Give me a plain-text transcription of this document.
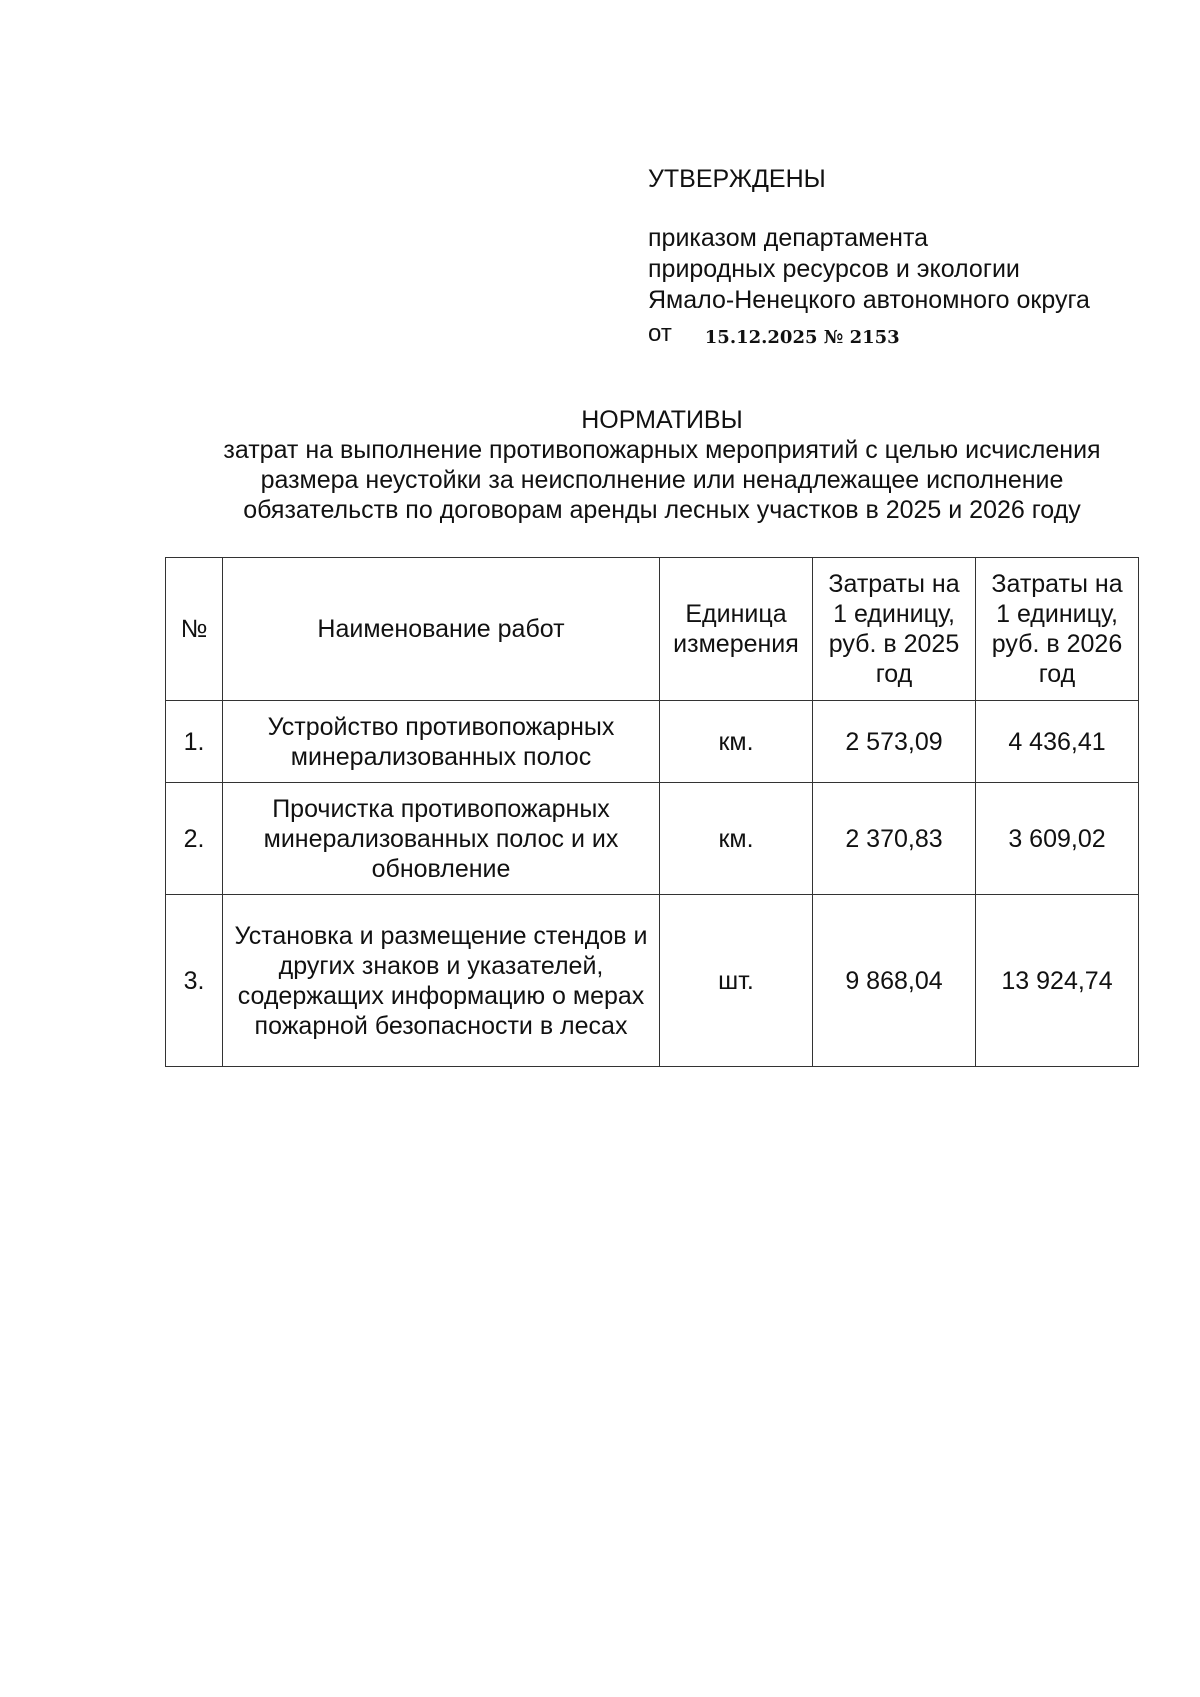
УТВЕРЖДЕНЫ
приказом департамента
природных ресурсов и экологии
Ямало-Ненецкого автономного округа
от 15.12.2025 № 2153
НОРМАТИВЫ
затрат на выполнение противопожарных мероприятий с целью исчисления
размера неустойки за неисполнение или ненадлежащее исполнение
обязательств по договорам аренды лесных участков в 2025 и 2026 году
№	Наименование работ	Единица измерения	Затраты на 1 единицу, руб. в 2025 год	Затраты на 1 единицу, руб. в 2026 год
1.	Устройство противопожарных минерализованных полос	км.	2 573,09	4 436,41
2.	Прочистка противопожарных минерализованных полос и их обновление	км.	2 370,83	3 609,02
3.	Установка и размещение стендов и других знаков и указателей, содержащих информацию о мерах пожарной безопасности в лесах	шт.	9 868,04	13 924,74
